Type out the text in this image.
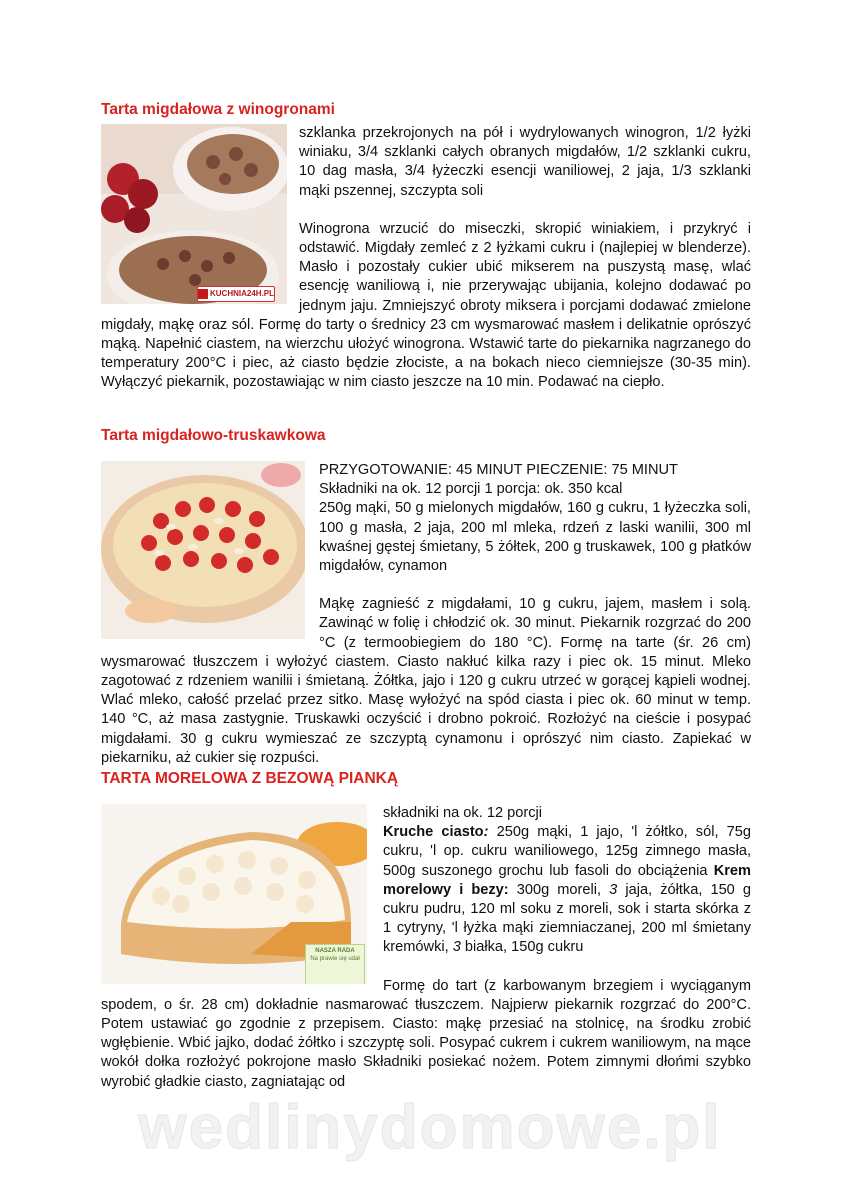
Tarta migdałowa z winogronami
KUCHNIA24H.PL

szklanka przekrojonych na pół i wydrylowanych winogron, 1/2 łyżki winiaku, 3/4 szklanki całych obranych migdałów, 1/2 szklanki cukru, 10 dag masła, 3/4 łyżeczki esencji waniliowej, 2 jaja, 1/3 szklanki mąki pszennej, szczypta soli

Winogrona wrzucić do miseczki, skropić winiakiem, i przykryć i odstawić. Migdały zemleć z 2 łyżkami cukru i (najlepiej w blenderze). Masło i pozostały cukier ubić mikserem na puszystą masę, wlać esencję waniliową i, nie przerywając ubijania, kolejno dodawać po jednym jaju. Zmniejszyć obroty miksera i porcjami dodawać zmielone migdały, mąkę oraz sól. Formę do tarty o średnicy 23 cm wysmarować masłem i delikatnie oprószyć mąką. Napełnić ciastem, na wierzchu ułożyć winogrona. Wstawić tarte do piekarnika nagrzanego do temperatury 200°C i piec, aż ciasto będzie złociste, a na bokach nieco ciemniejsze (30-35 min). Wyłączyć piekarnik, pozostawiając w nim ciasto jeszcze na 10 min. Podawać na ciepło.

Tarta migdałowo-truskawkowa

PRZYGOTOWANIE: 45 MINUT PIECZENIE: 75 MINUT
Składniki na ok. 12 porcji 1 porcja: ok. 350 kcal
250g mąki, 50 g mielonych migdałów, 160 g cukru, 1 łyżeczka soli, 100 g masła, 2 jaja, 200 ml mleka, rdzeń z laski wanilii, 300 ml kwaśnej gęstej śmietany, 5 żółtek, 200 g truskawek, 100 g płatków migdałów, cynamon

Mąkę zagnieść z migdałami, 10 g cukru, jajem, masłem i solą. Zawinąć w folię i chłodzić ok. 30 minut. Piekarnik rozgrzać do 200 °C (z termoobiegiem do 180 °C). Formę na tarte (śr. 26 cm) wysmarować tłuszczem i wyłożyć ciastem. Ciasto nakłuć kilka razy i piec ok. 15 minut. Mleko zagotować z rdzeniem wanilii i śmietaną. Żółtka, jajo i 120 g cukru utrzeć w gorącej kąpieli wodnej. Wlać mleko, całość przelać przez sitko. Masę wyłożyć na spód ciasta i piec ok. 60 minut w temp. 140 °C, aż masa zastygnie. Truskawki oczyścić i drobno pokroić. Rozłożyć na cieście i posypać migdałami. 30 g cukru wymieszać ze szczyptą cynamonu i oprószyć nim ciasto. Zapiekać w piekarniku, aż cukier się rozpuści.

TARTA MORELOWA Z BEZOWĄ PIANKĄ
NASZA RADA
Na prawie się udał

składniki na ok. 12 porcji
Kruche ciasto: 250g mąki, 1 jajo, 'l żółtko, sól, 75g cukru, 'l op. cukru waniliowego, 125g zimnego masła, 500g suszonego grochu lub fasoli do obciążenia Krem morelowy i bezy: 300g moreli, 3 jaja, żółtka, 150 g cukru pudru, 120 ml soku z moreli, sok i starta skórka z 1 cytryny, 'l łyżka mąki ziemniaczanej, 200 ml śmietany kremówki, 3 białka, 150g cukru

Formę do tart (z karbowanym brzegiem i wyciąganym spodem, o śr. 28 cm) dokładnie nasmarować tłuszczem. Najpierw piekarnik rozgrzać do 200°C. Potem ustawiać go zgodnie z przepisem. Ciasto: mąkę przesiać na stolnicę, na środku zrobić wgłębienie. Wbić jajko, dodać żółtko i szczyptę soli. Posypać cukrem i cukrem waniliowym, na mące wokół dołka rozłożyć pokrojone masło Składniki posiekać nożem. Potem zimnymi dłońmi szybko wyrobić gładkie ciasto, zagniatając od

wedlinydomowe.pl
